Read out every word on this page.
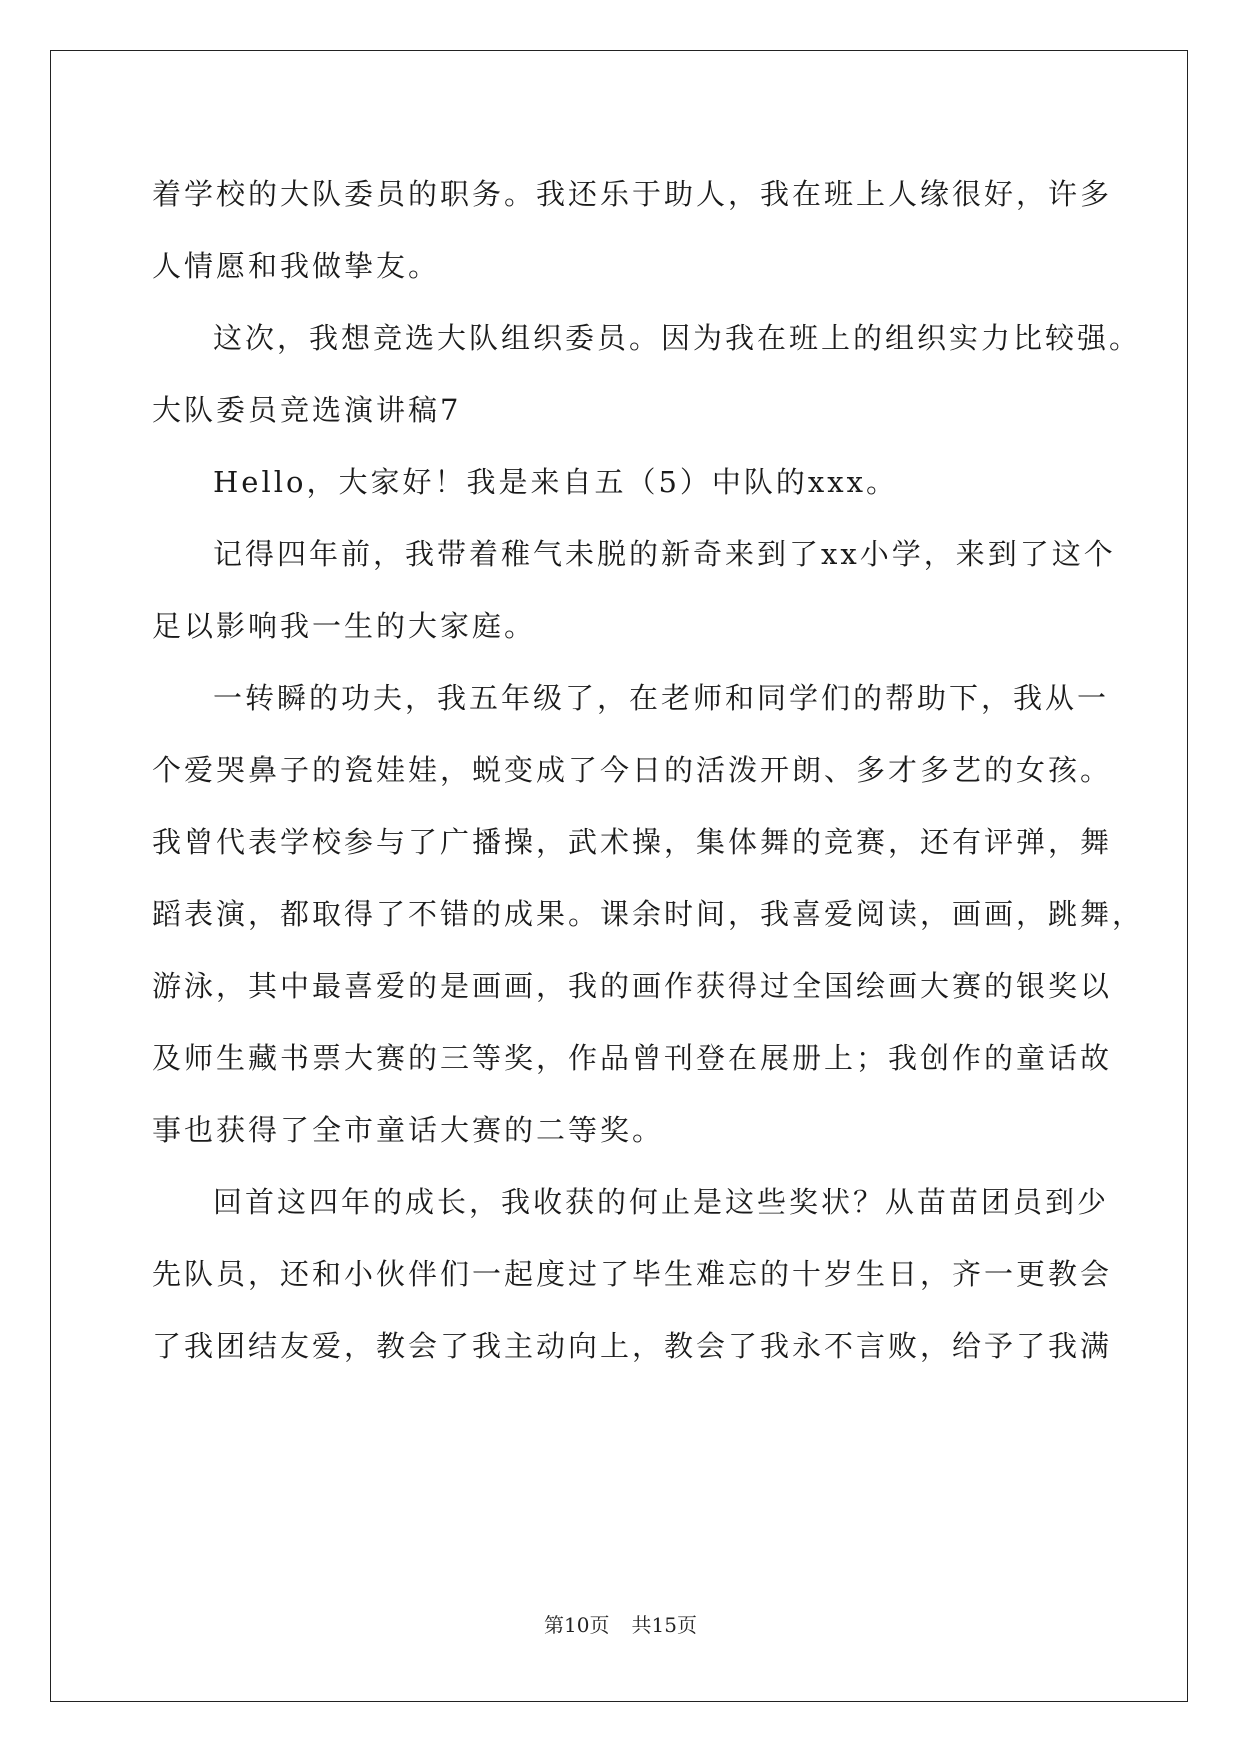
着学校的大队委员的职务。我还乐于助人，我在班上人缘很好，许多
人情愿和我做挚友。
这次，我想竞选大队组织委员。因为我在班上的组织实力比较强。
大队委员竞选演讲稿7
Hello，大家好！我是来自五（5）中队的xxx。
记得四年前，我带着稚气未脱的新奇来到了xx小学，来到了这个
足以影响我一生的大家庭。
一转瞬的功夫，我五年级了，在老师和同学们的帮助下，我从一
个爱哭鼻子的瓷娃娃，蜕变成了今日的活泼开朗、多才多艺的女孩。
我曾代表学校参与了广播操，武术操，集体舞的竞赛，还有评弹，舞
蹈表演，都取得了不错的成果。课余时间，我喜爱阅读，画画，跳舞，
游泳，其中最喜爱的是画画，我的画作获得过全国绘画大赛的银奖以
及师生藏书票大赛的三等奖，作品曾刊登在展册上；我创作的童话故
事也获得了全市童话大赛的二等奖。
回首这四年的成长，我收获的何止是这些奖状？从苗苗团员到少
先队员，还和小伙伴们一起度过了毕生难忘的十岁生日，齐一更教会
了我团结友爱，教会了我主动向上，教会了我永不言败，给予了我满
第10页 共15页
